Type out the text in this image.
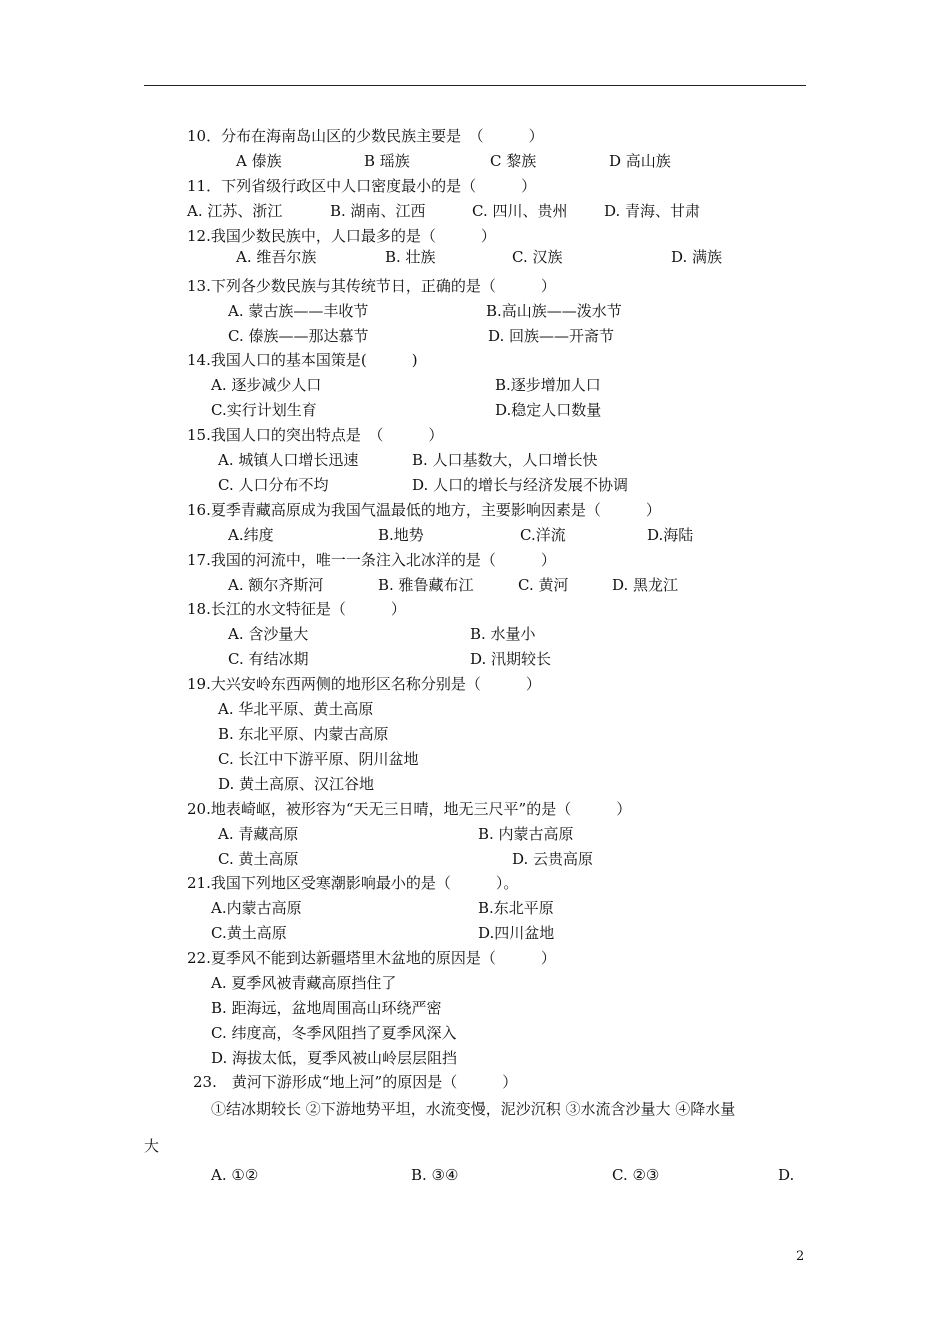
10．分布在海南岛山区的少数民族主要是　（　　　）
A 傣族	B 瑶族	C 黎族	D 高山族
11．下列省级行政区中人口密度最小的是（　　　）
A. 江苏、浙江	B. 湖南、江西	C. 四川、贵州 D. 青海、甘肃
12.我国少数民族中，人口最多的是（　　　）
A. 维吾尔族	B. 壮族	C. 汉族	D. 满族
13.下列各少数民族与其传统节日，正确的是（　　　）
A. 蒙古族——丰收节	B.高山族——泼水节
C. 傣族——那达慕节	D. 回族——开斋节
14.我国人口的基本国策是(　　　)
A. 逐步减少人口	B.逐步增加人口
C.实行计划生育	D.稳定人口数量
15.我国人口的突出特点是　（　　　）
A. 城镇人口增长迅速	B. 人口基数大，人口增长快
C. 人口分布不均	D. 人口的增长与经济发展不协调
16.夏季青藏高原成为我国气温最低的地方，主要影响因素是（　　　）
A.纬度	B.地势	C.洋流	D.海陆
17.我国的河流中，唯一一条注入北冰洋的是（　　　）
A. 额尔齐斯河	B. 雅鲁藏布江	C. 黄河	D. 黑龙江
18.长江的水文特征是（　　　）
A. 含沙量大	B. 水量小
C. 有结冰期	D. 汛期较长
19.大兴安岭东西两侧的地形区名称分别是（　　　）
A. 华北平原、黄土高原
B. 东北平原、内蒙古高原
C. 长江中下游平原、阴川盆地
D. 黄土高原、汉江谷地
20.地表崎岖，被形容为“天无三日晴，地无三尺平”的是（　　　）
A. 青藏高原	B. 内蒙古高原
C. 黄土高原	D. 云贵高原
21.我国下列地区受寒潮影响最小的是（　　　）。
A.内蒙古高原	B.东北平原
C.黄土高原	D.四川盆地
22.夏季风不能到达新疆塔里木盆地的原因是（　　　）
A. 夏季风被青藏高原挡住了
B. 距海远，盆地周围高山环绕严密
C. 纬度高，冬季风阻挡了夏季风深入
D. 海拔太低，夏季风被山岭层层阻挡
23.　黄河下游形成“地上河”的原因是（　　　）
①结冰期较长 ②下游地势平坦，水流变慢，泥沙沉积 ③水流含沙量大 ④降水量
大
A. ①②	B. ③④	C. ②③	D.
2
